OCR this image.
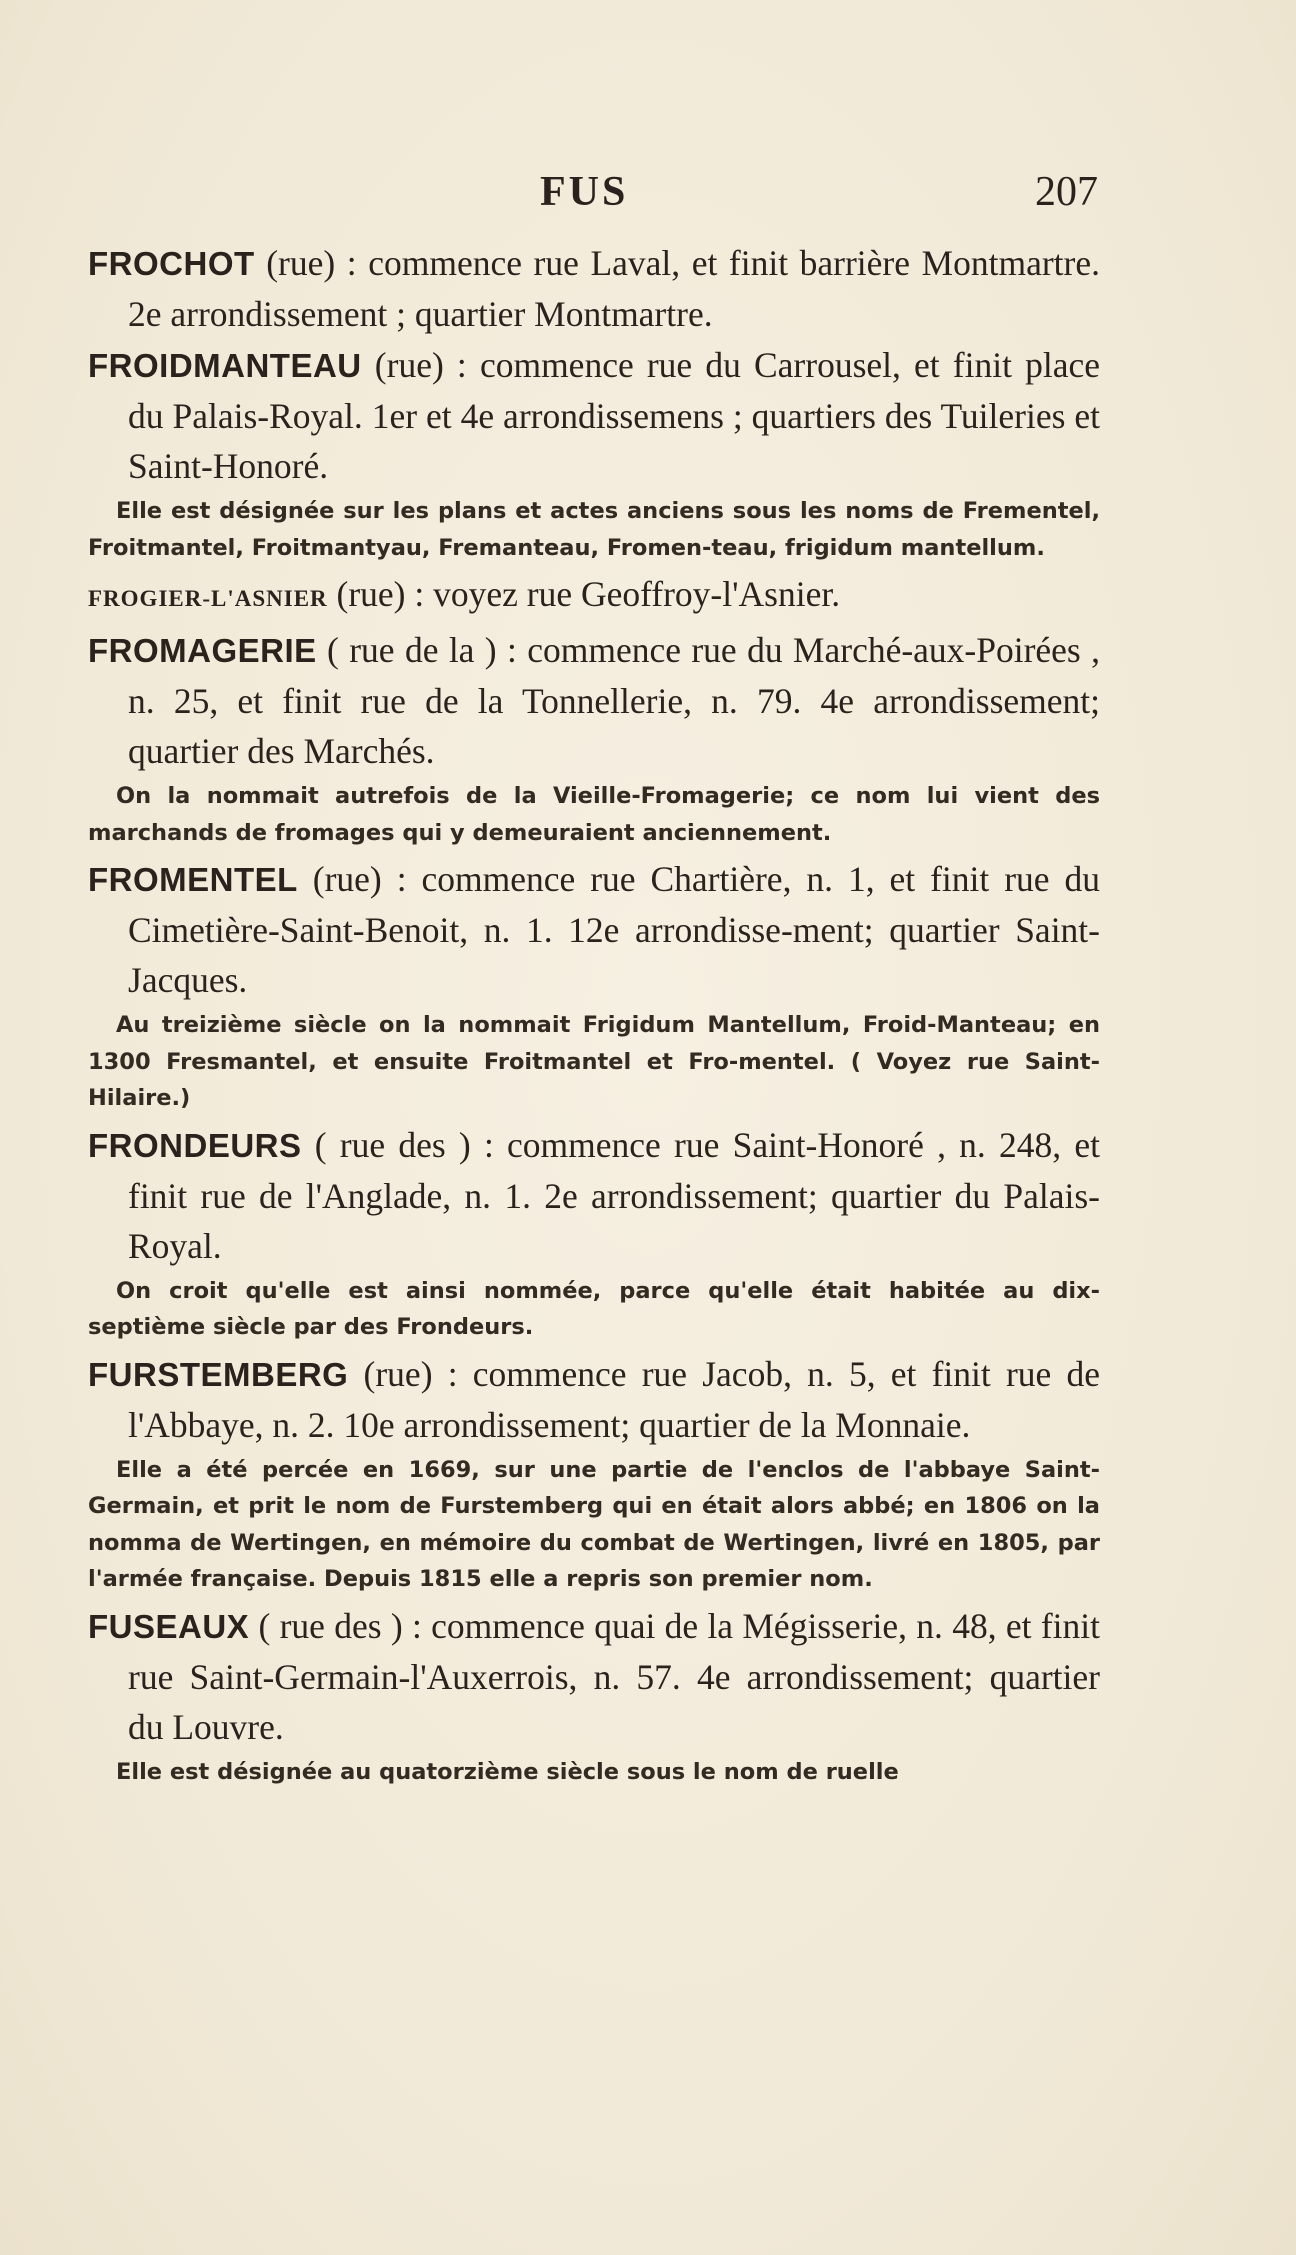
FUS	207

FROCHOT (rue) : commence rue Laval, et finit barrière Montmartre. 2e arrondissement ; quartier Montmartre.

FROIDMANTEAU (rue) : commence rue du Carrousel, et finit place du Palais-Royal. 1er et 4e arrondissemens ; quartiers des Tuileries et Saint-Honoré.

Elle est désignée sur les plans et actes anciens sous les noms de Frementel, Froitmantel, Froitmantyau, Fremanteau, Fromen-teau, frigidum mantellum.

FROGIER-L'ASNIER (rue) : voyez rue Geoffroy-l'Asnier.

FROMAGERIE ( rue de la ) : commence rue du Marché-aux-Poirées , n. 25, et finit rue de la Tonnellerie, n. 79. 4e arrondissement; quartier des Marchés.

On la nommait autrefois de la Vieille-Fromagerie; ce nom lui vient des marchands de fromages qui y demeuraient anciennement.

FROMENTEL (rue) : commence rue Chartière, n. 1, et finit rue du Cimetière-Saint-Benoit, n. 1. 12e arrondisse-ment; quartier Saint-Jacques.

Au treizième siècle on la nommait Frigidum Mantellum, Froid-Manteau; en 1300 Fresmantel, et ensuite Froitmantel et Fro-mentel. ( Voyez rue Saint-Hilaire.)

FRONDEURS ( rue des ) : commence rue Saint-Honoré , n. 248, et finit rue de l'Anglade, n. 1. 2e arrondissement; quartier du Palais-Royal.

On croit qu'elle est ainsi nommée, parce qu'elle était habitée au dix-septième siècle par des Frondeurs.

FURSTEMBERG (rue) : commence rue Jacob, n. 5, et finit rue de l'Abbaye, n. 2. 10e arrondissement; quartier de la Monnaie.

Elle a été percée en 1669, sur une partie de l'enclos de l'abbaye Saint-Germain, et prit le nom de Furstemberg qui en était alors abbé; en 1806 on la nomma de Wertingen, en mémoire du combat de Wertingen, livré en 1805, par l'armée française. Depuis 1815 elle a repris son premier nom.

FUSEAUX ( rue des ) : commence quai de la Mégisserie, n. 48, et finit rue Saint-Germain-l'Auxerrois, n. 57. 4e arrondissement; quartier du Louvre.

Elle est désignée au quatorzième siècle sous le nom de ruelle
